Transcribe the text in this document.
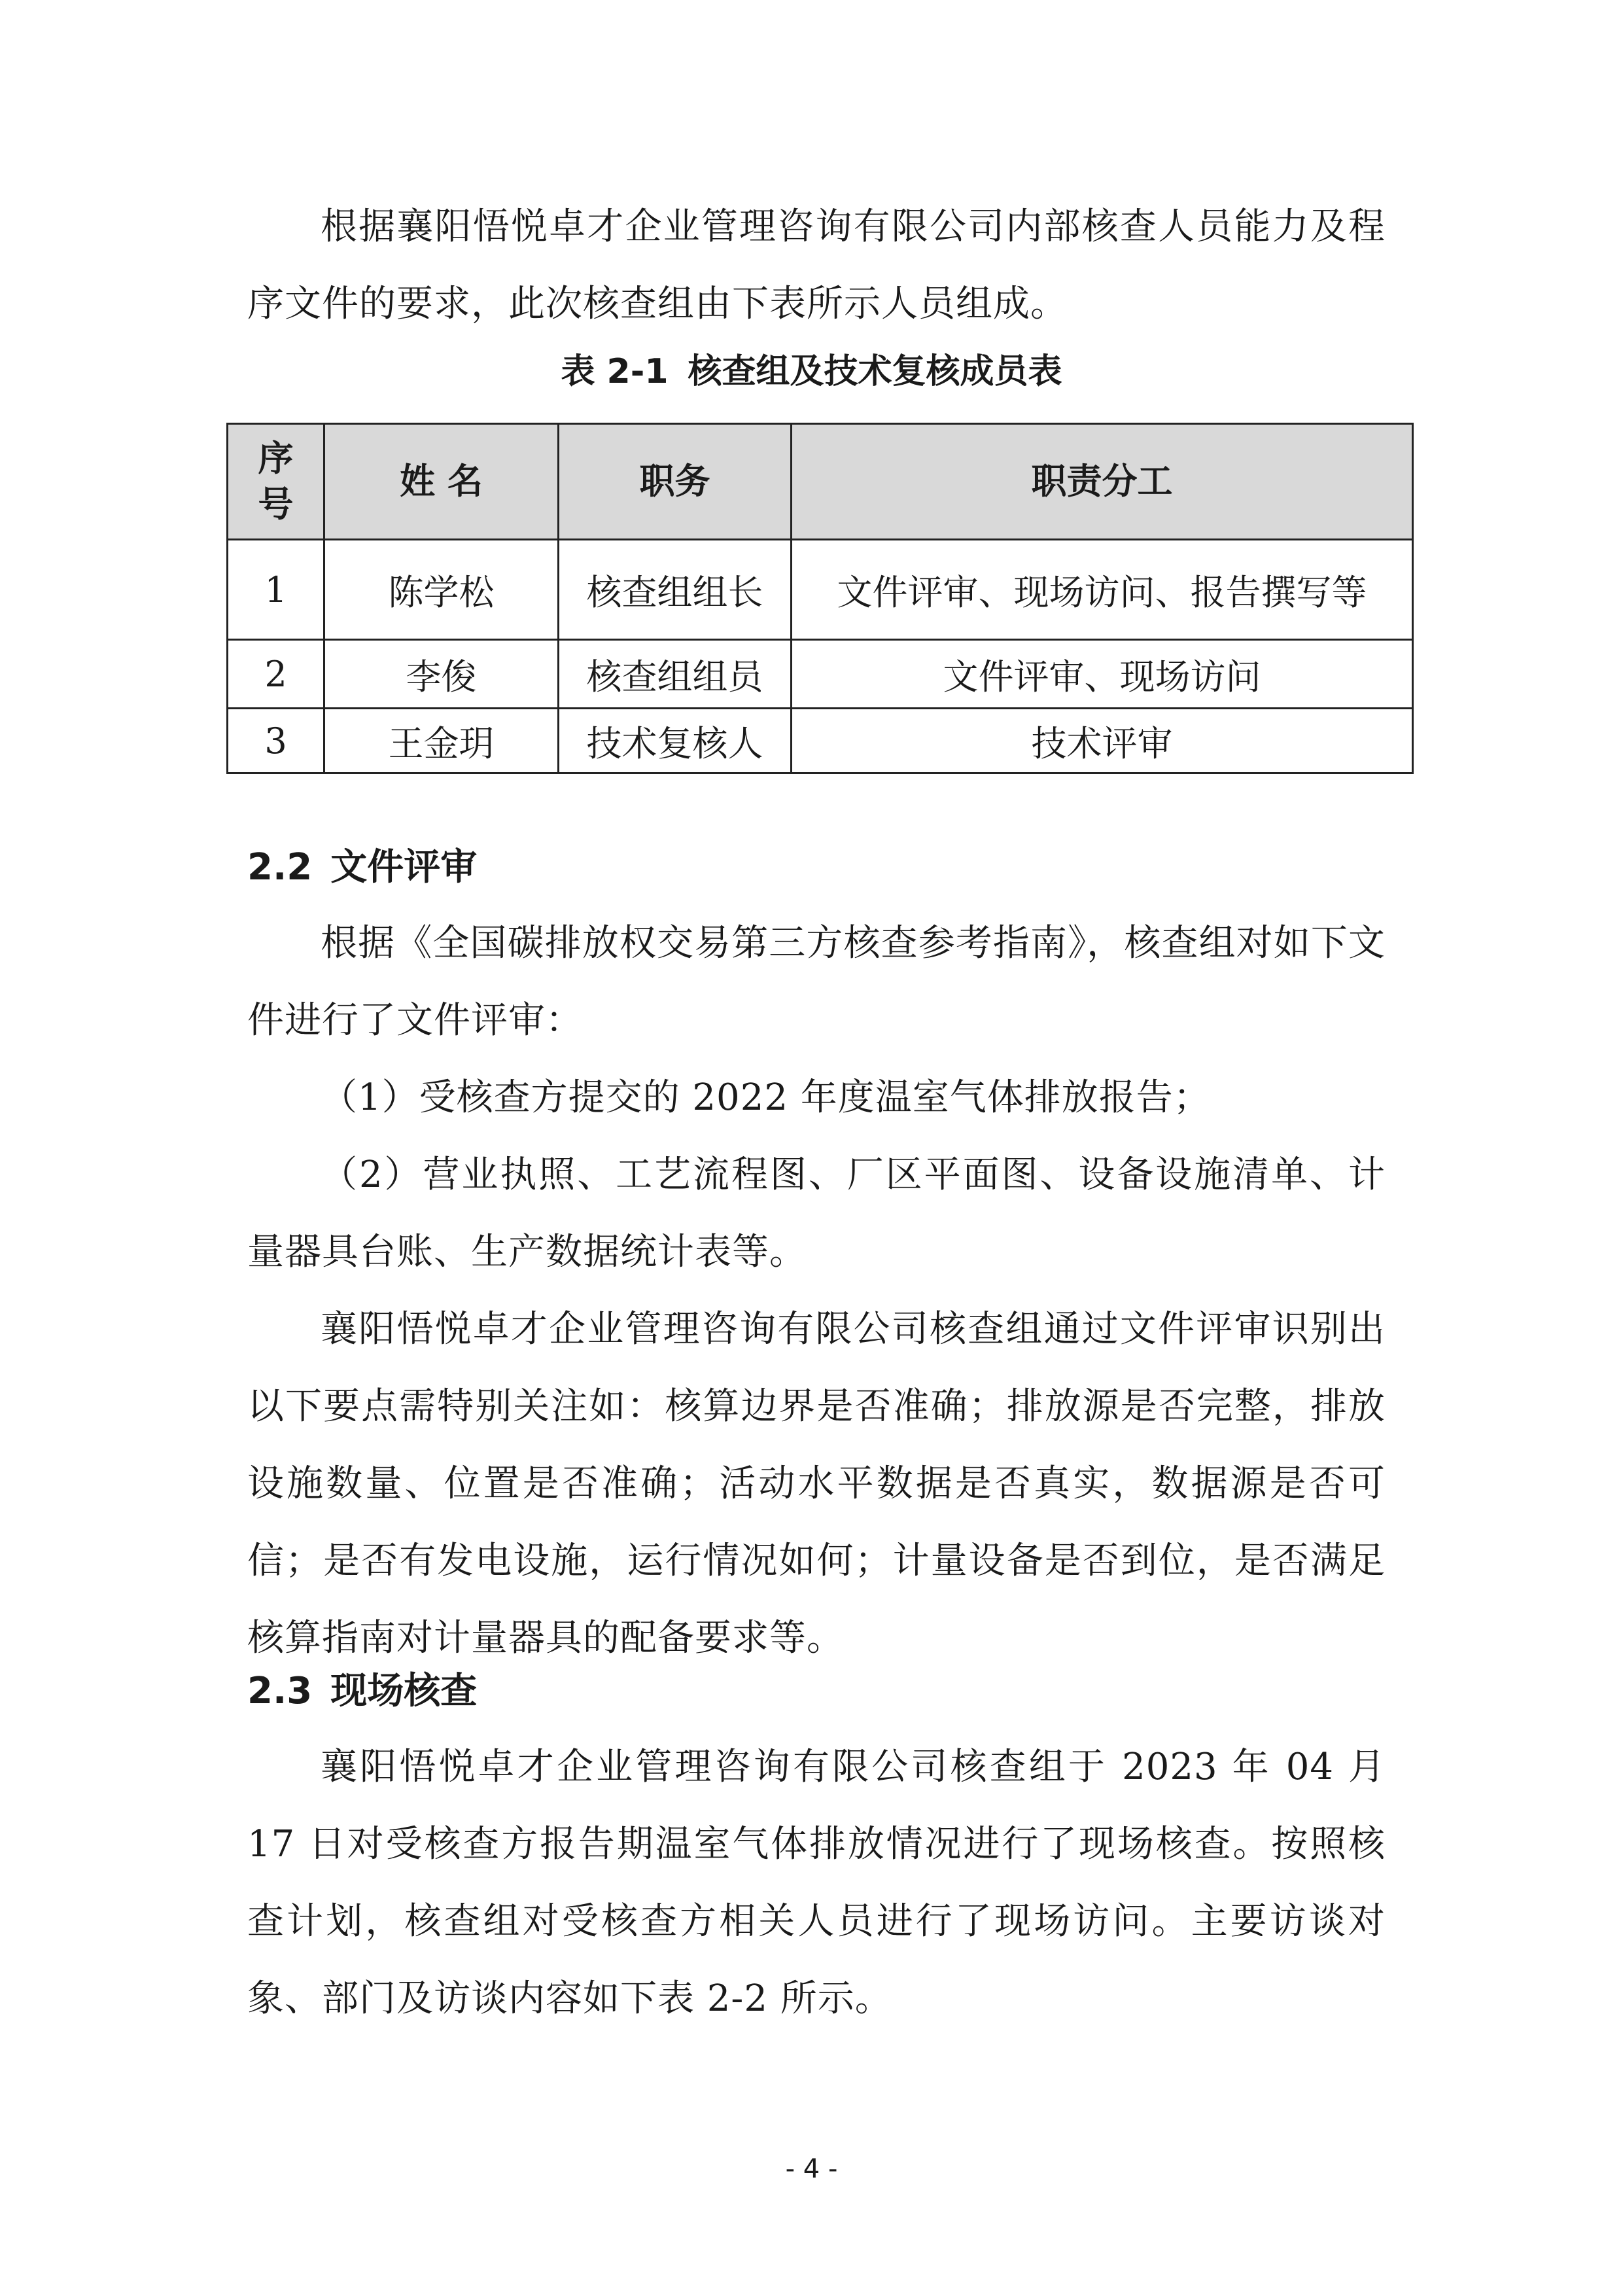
根据襄阳悟悦卓才企业管理咨询有限公司内部核查人员能力及程序文件的要求，此次核查组由下表所示人员组成。

表 2-1 核查组及技术复核成员表

序号	姓 名	职务	职责分工
1	陈学松	核查组组长	文件评审、现场访问、报告撰写等
2	李俊	核查组组员	文件评审、现场访问
3	王金玥	技术复核人	技术评审
2.2 文件评审

根据《全国碳排放权交易第三方核查参考指南》，核查组对如下文件进行了文件评审：

（1）受核查方提交的 2022 年度温室气体排放报告；

（2）营业执照、工艺流程图、厂区平面图、设备设施清单、计量器具台账、生产数据统计表等。

襄阳悟悦卓才企业管理咨询有限公司核查组通过文件评审识别出以下要点需特别关注如：核算边界是否准确；排放源是否完整，排放设施数量、位置是否准确；活动水平数据是否真实，数据源是否可信；是否有发电设施，运行情况如何；计量设备是否到位，是否满足核算指南对计量器具的配备要求等。

2.3 现场核查

襄阳悟悦卓才企业管理咨询有限公司核查组于 2023 年 04 月 17 日对受核查方报告期温室气体排放情况进行了现场核查。按照核查计划，核查组对受核查方相关人员进行了现场访问。主要访谈对象、部门及访谈内容如下表 2-2 所示。

- 4 -
